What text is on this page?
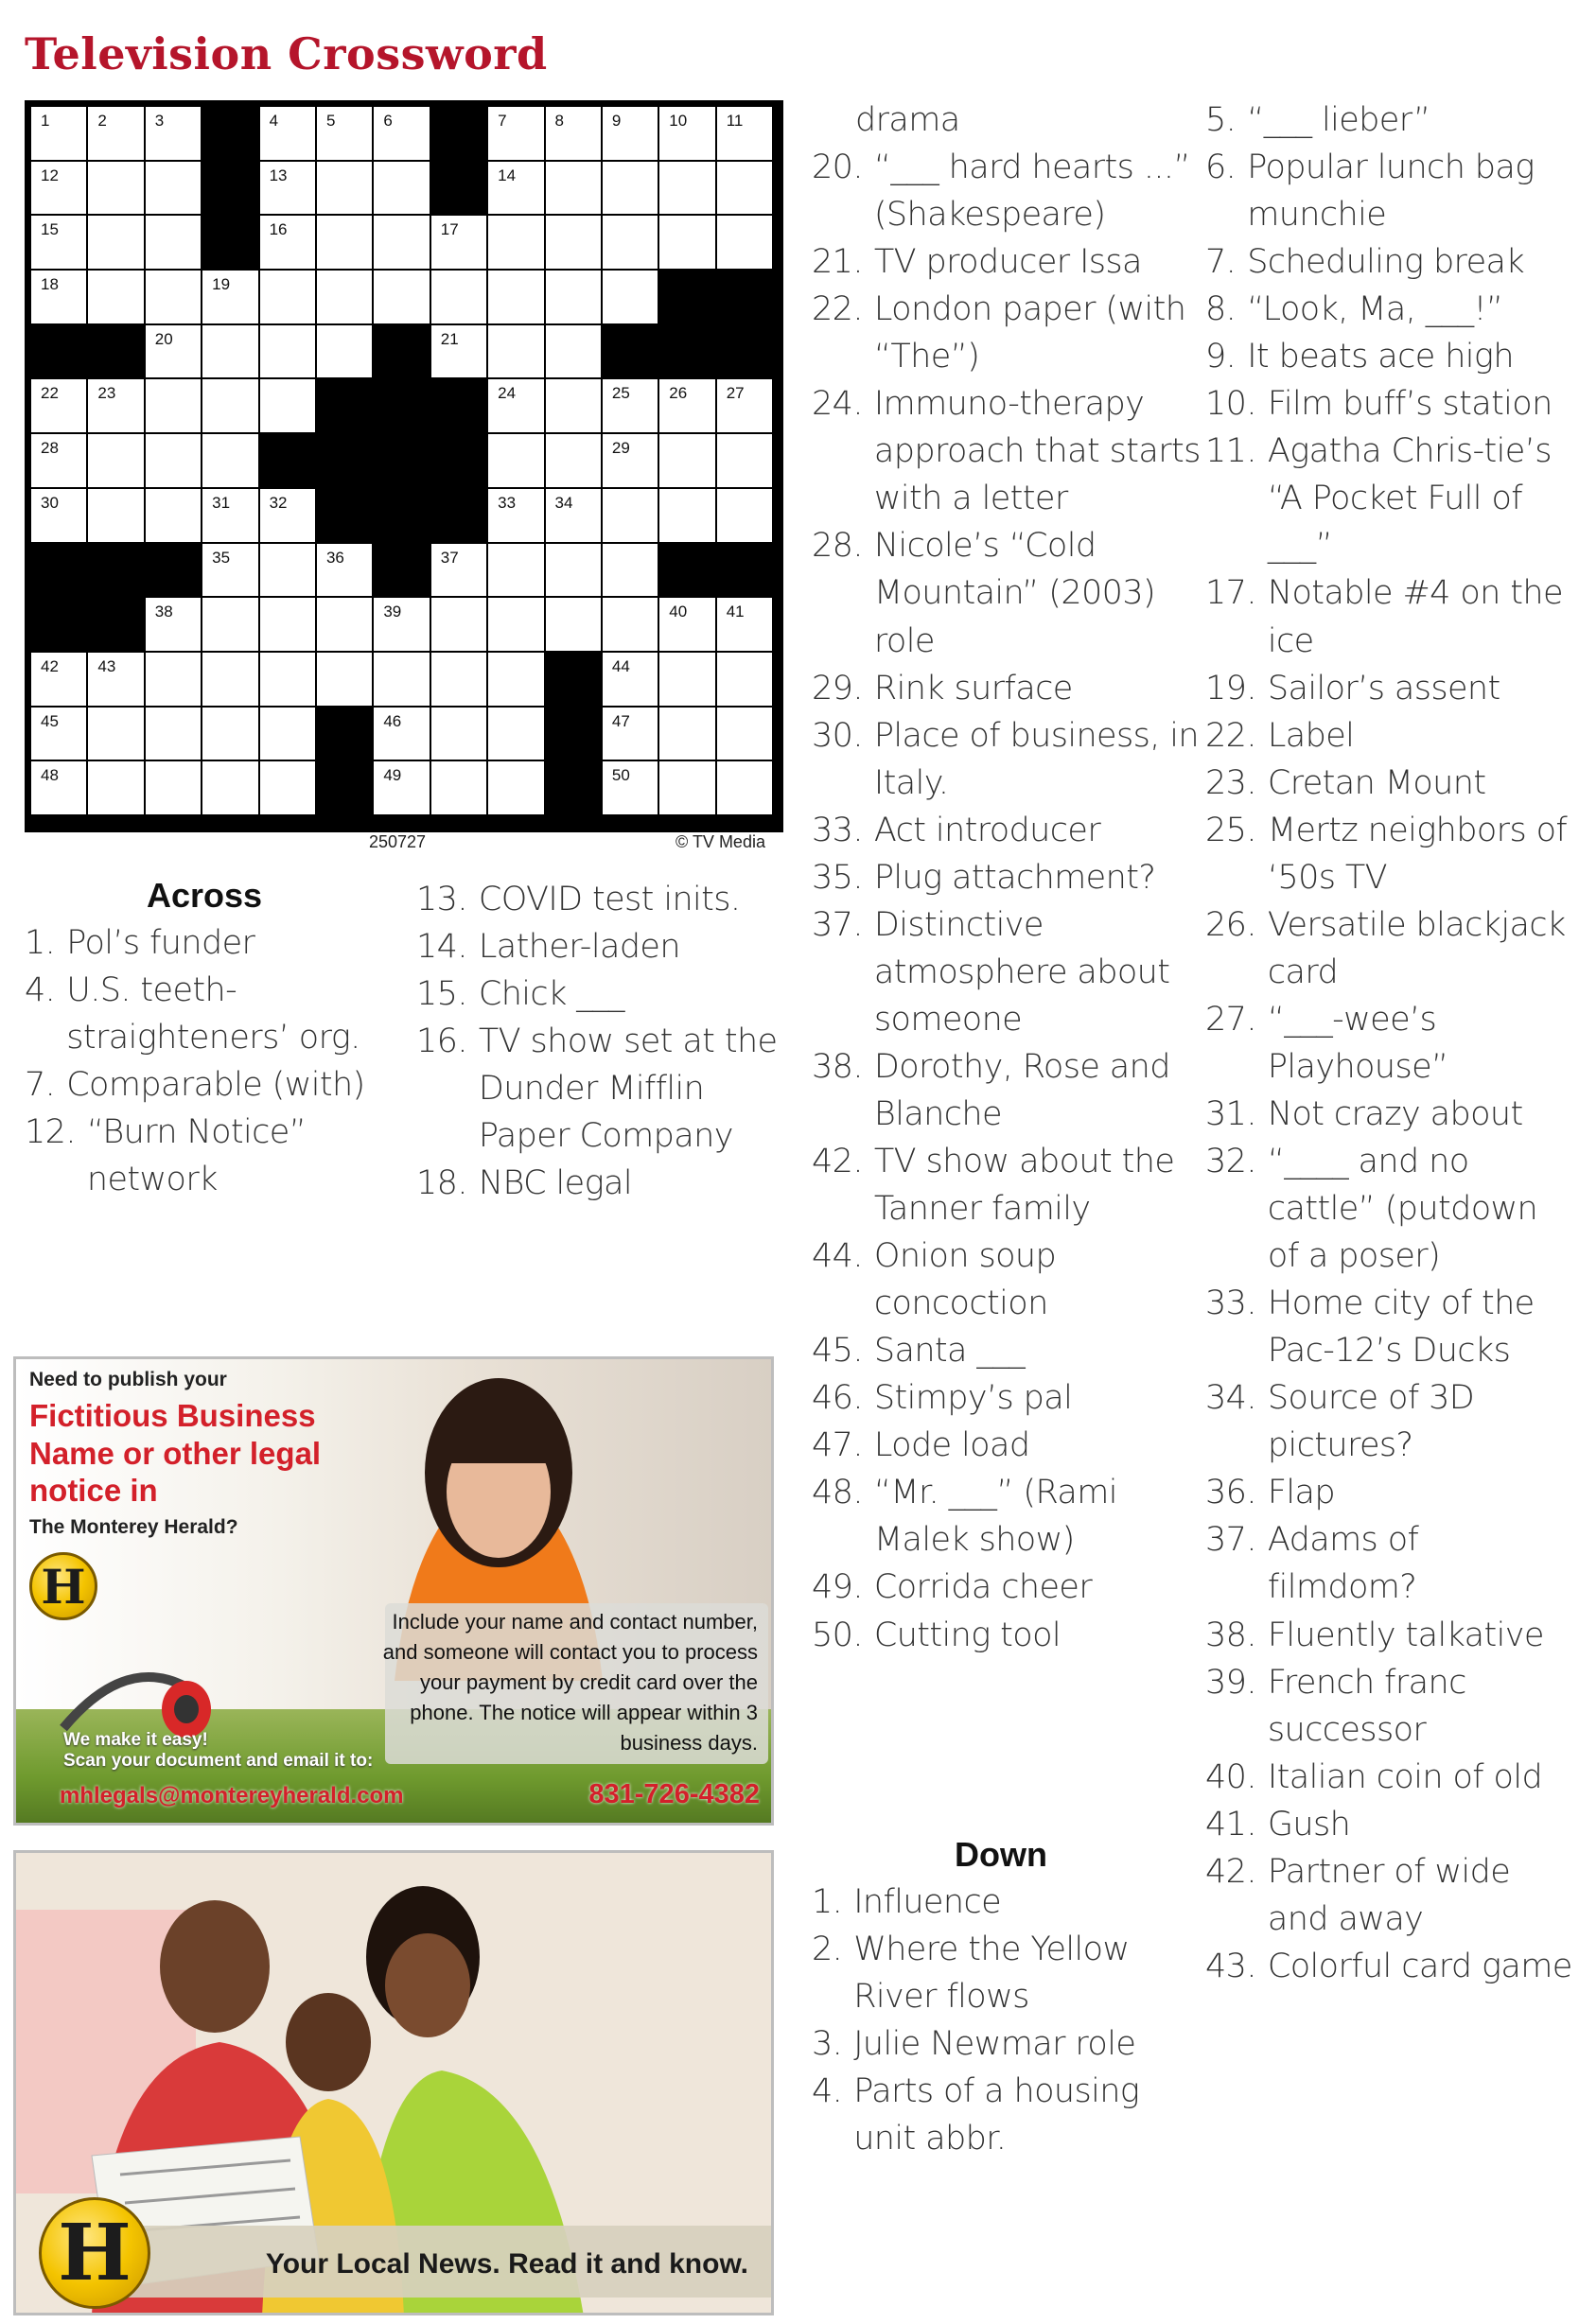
Television Crossword
1	2	3	4	5	6	7	8	9	10 11
12	13	14
15	16	17
18	19
20	21
22 23	24	25 26 27
28	29
30	31 32	33 34
35	36	37
38	39	40 41
42 43	44
45	46	47
48	49	50
250727	© TV Media
Across
1. Pol’s funder
4. U.S. teeth-straighteners’ org.
7. Comparable (with)
12. “Burn Notice” network
13. COVID test inits.
14. Lather-laden
15. Chick ___
16. TV show set at the Dunder Mifflin Paper Company
18. NBC legal
drama
20. “___ hard hearts ...” (Shakespeare)
21. TV producer Issa
22. London paper (with “The”)
24. Immuno-therapy approach that starts with a letter
28. Nicole’s “Cold Mountain” (2003) role
29. Rink surface
30. Place of business, in Italy.
33. Act introducer
35. Plug attachment?
37. Distinctive atmosphere about someone
38. Dorothy, Rose and Blanche
42. TV show about the Tanner family
44. Onion soup concoction
45. Santa ___
46. Stimpy’s pal
47. Lode load
48. “Mr. ___” (Rami Malek show)
49. Corrida cheer
50. Cutting tool
Down
1. Influence
2. Where the Yellow River flows
3. Julie Newmar role
4. Parts of a housing unit abbr.
5. “___ lieber”
6. Popular lunch bag munchie
7. Scheduling break
8. “Look, Ma, ___!”
9. It beats ace high
10. Film buff’s station
11. Agatha Chris-tie’s “A Pocket Full of ___”
17. Notable #4 on the ice
19. Sailor’s assent
22. Label
23. Cretan Mount
25. Mertz neighbors of ‘50s TV
26. Versatile blackjack card
27. “___-wee’s Playhouse”
31. Not crazy about
32. “____ and no cattle” (putdown of a poser)
33. Home city of the Pac-12’s Ducks
34. Source of 3D pictures?
36. Flap
37. Adams of filmdom?
38. Fluently talkative
39. French franc successor
40. Italian coin of old
41. Gush
42. Partner of wide and away
43. Colorful card game
Need to publish your
Fictitious Business Name or other legal notice in
The Monterey Herald?
H
Include your name and contact number, and someone will contact you to process your payment by credit card over the phone. The notice will appear within 3 business days.
We make it easy!
Scan your document and email it to:
mhlegals@montereyherald.com	831-726-4382
H	Your Local News. Read it and know.
